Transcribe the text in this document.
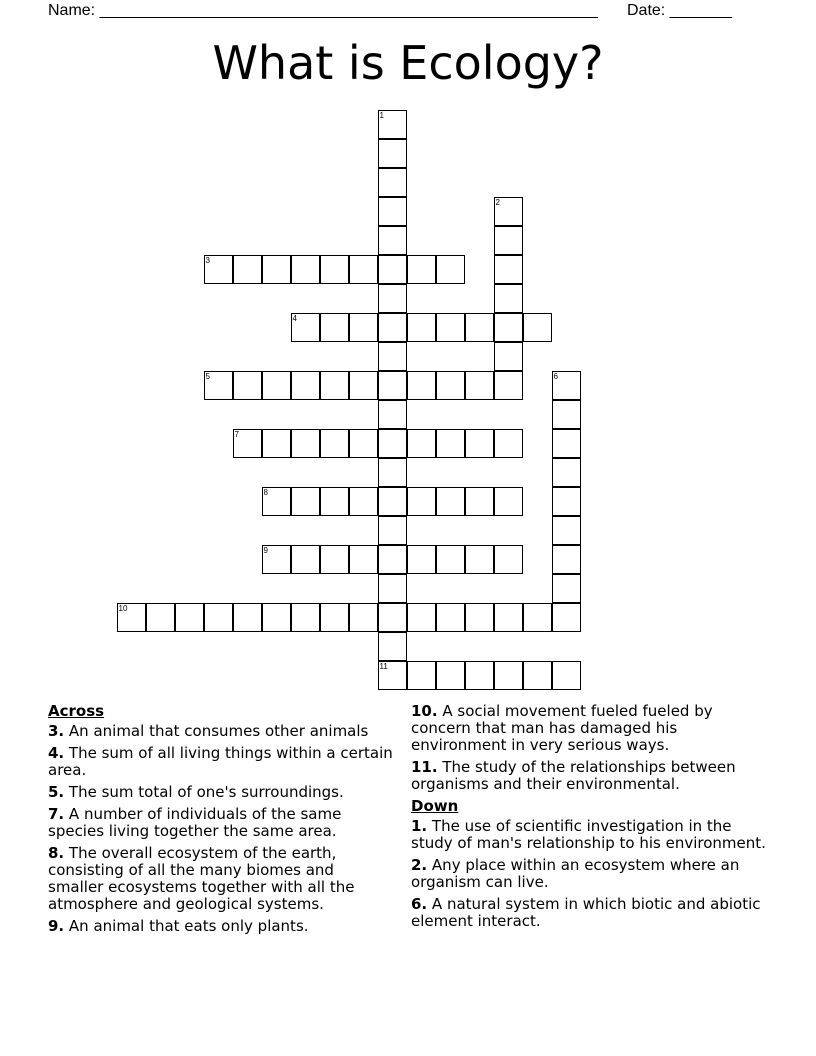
Name: ________________________________________________________ Date: _______
What is Ecology?
1
11
2
3
4
5	6
7
8
9
10
Across
3. An animal that consumes other animals
4. The sum of all living things within a certain area.
5. The sum total of one's surroundings.
7. A number of individuals of the same species living together the same area.
8. The overall ecosystem of the earth, consisting of all the many biomes and smaller ecosystems together with all the atmosphere and geological systems.
9. An animal that eats only plants.
10. A social movement fueled fueled by concern that man has damaged his environment in very serious ways.
11. The study of the relationships between organisms and their environmental.
Down
1. The use of scientific investigation in the study of man's relationship to his environment.
2. Any place within an ecosystem where an organism can live.
6. A natural system in which biotic and abiotic element interact.
